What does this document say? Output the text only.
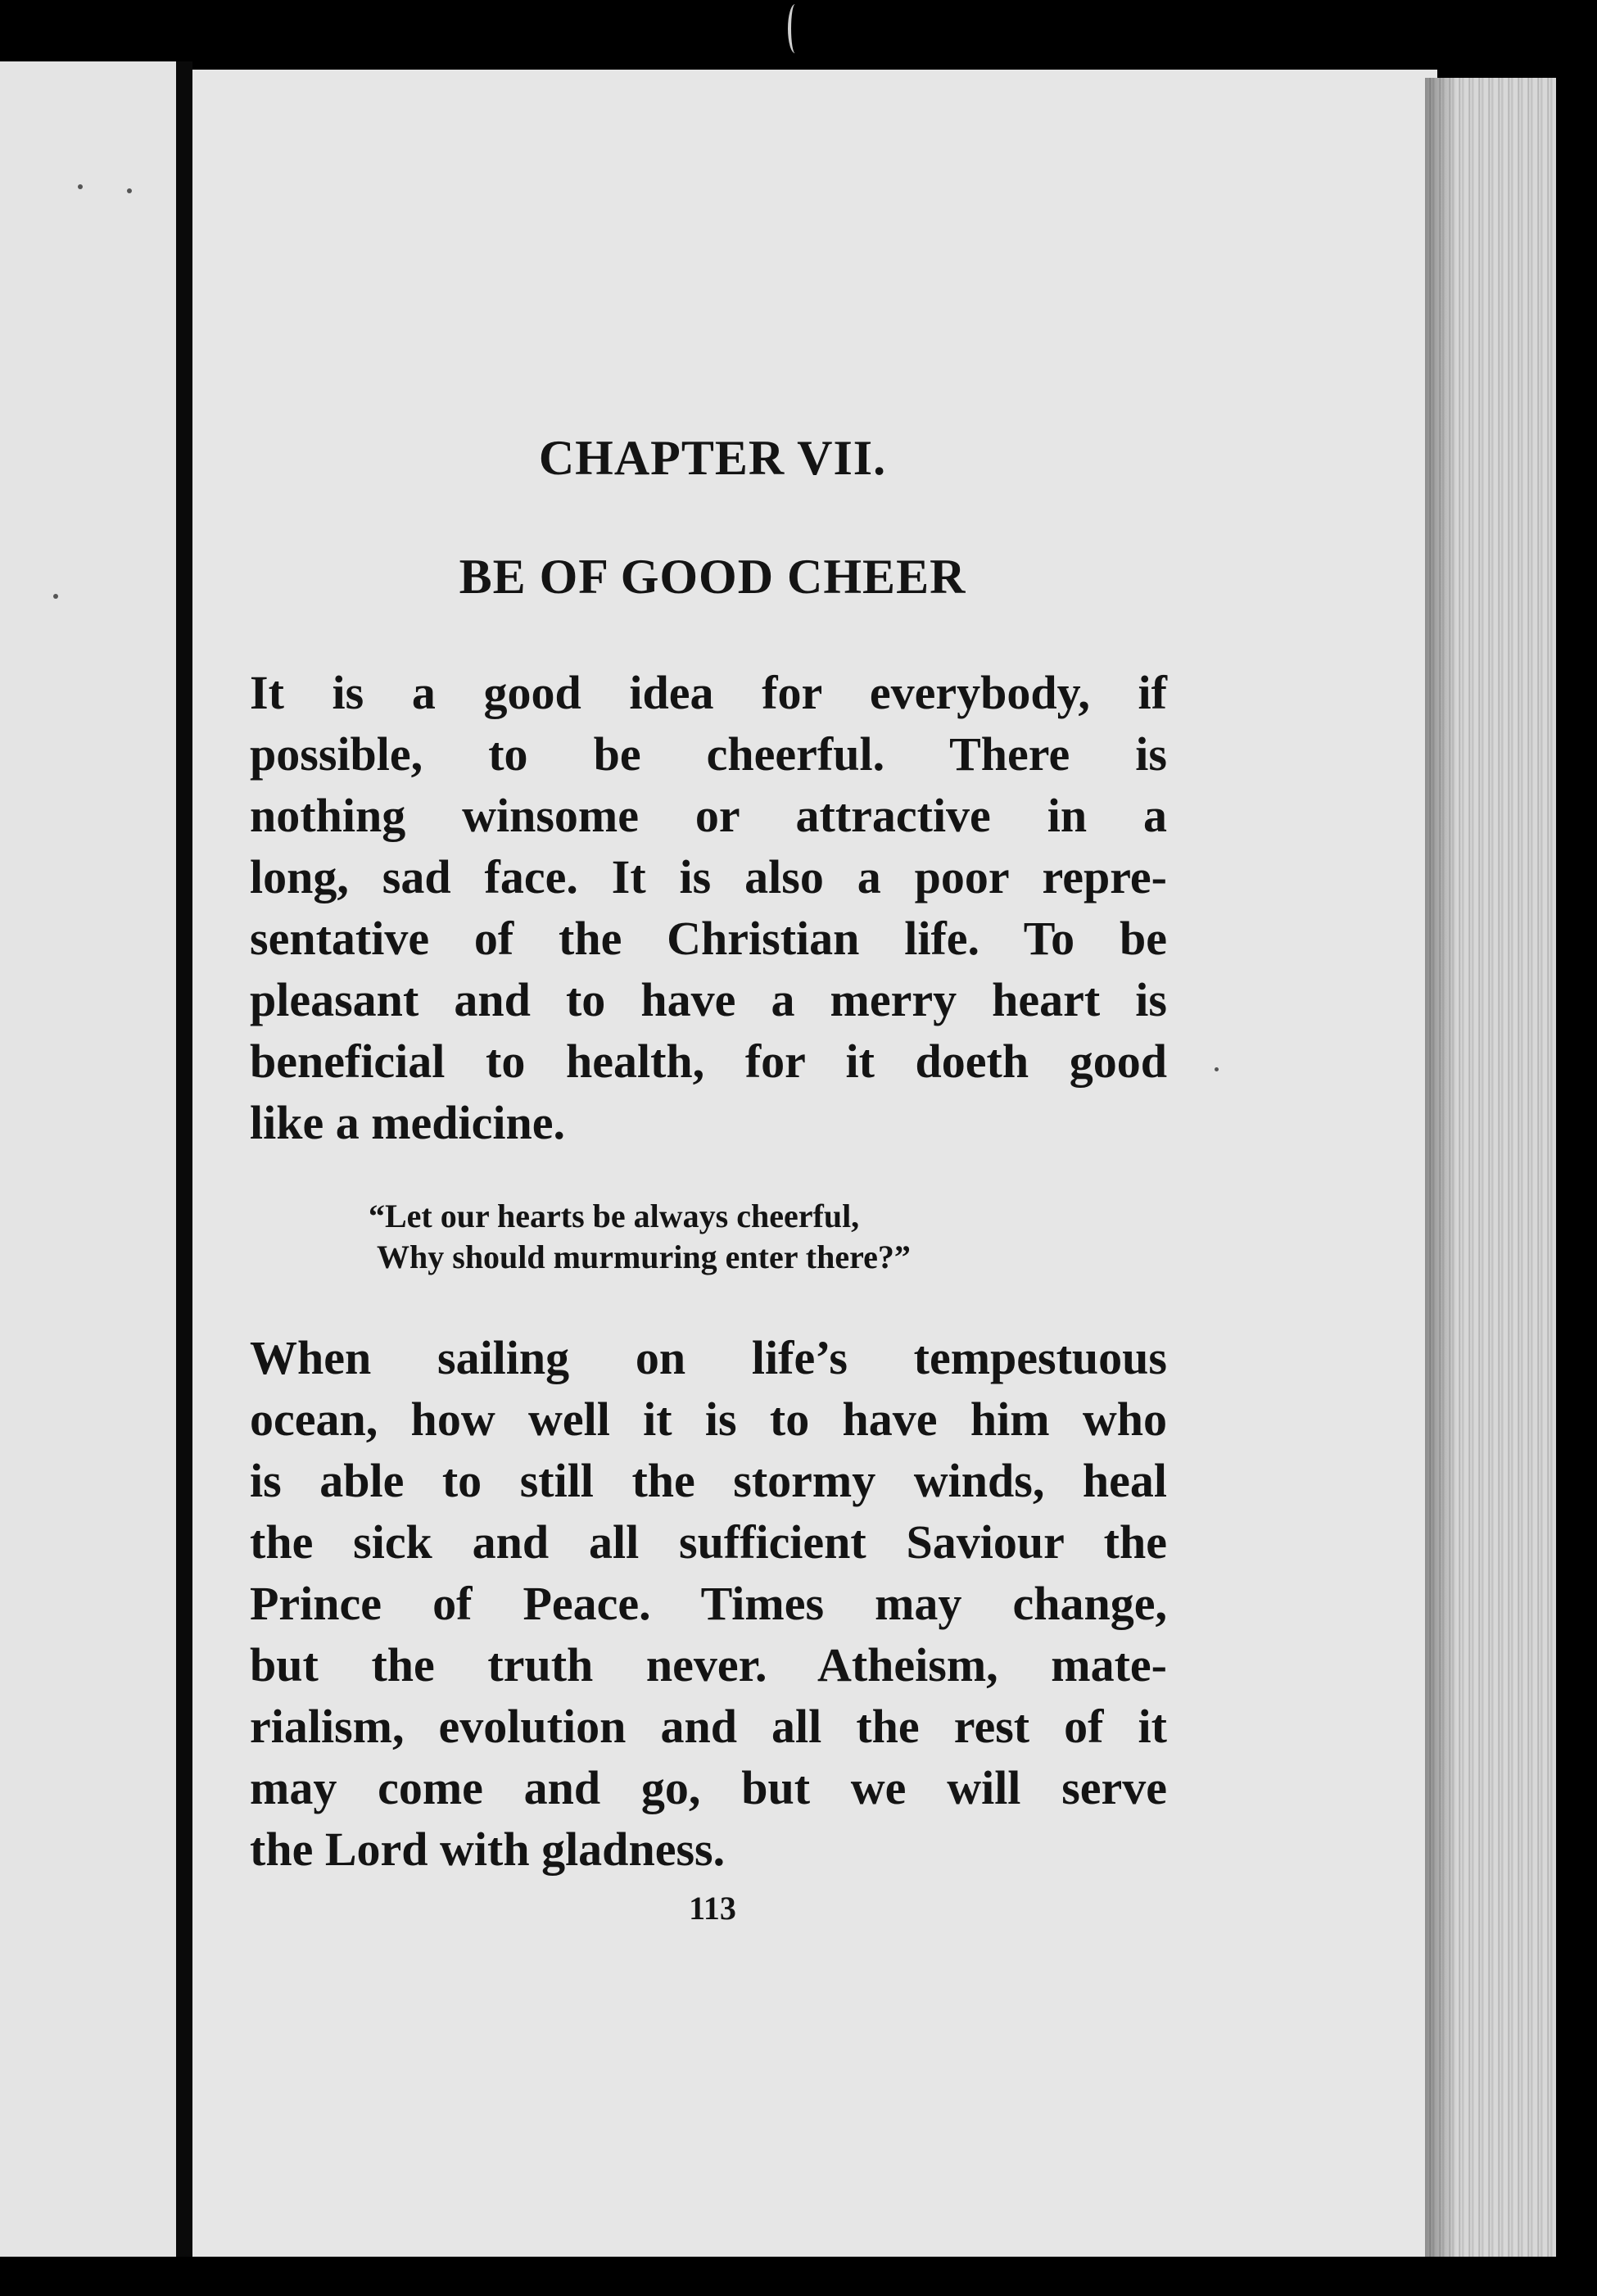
CHAPTER VII.
BE OF GOOD CHEER

It is a good idea for everybody, if
possible, to be cheerful. There is
nothing winsome or attractive in a
long, sad face. It is also a poor repre-
sentative of the Christian life. To be
pleasant and to have a merry heart is
beneficial to health, for it doeth good
like a medicine.

“Let our hearts be always cheerful,
Why should murmuring enter there?”

When sailing on life’s tempestuous
ocean, how well it is to have him who
is able to still the stormy winds, heal
the sick and all sufficient Saviour the
Prince of Peace. Times may change,
but the truth never. Atheism, mate-
rialism, evolution and all the rest of it
may come and go, but we will serve
the Lord with gladness.

113
